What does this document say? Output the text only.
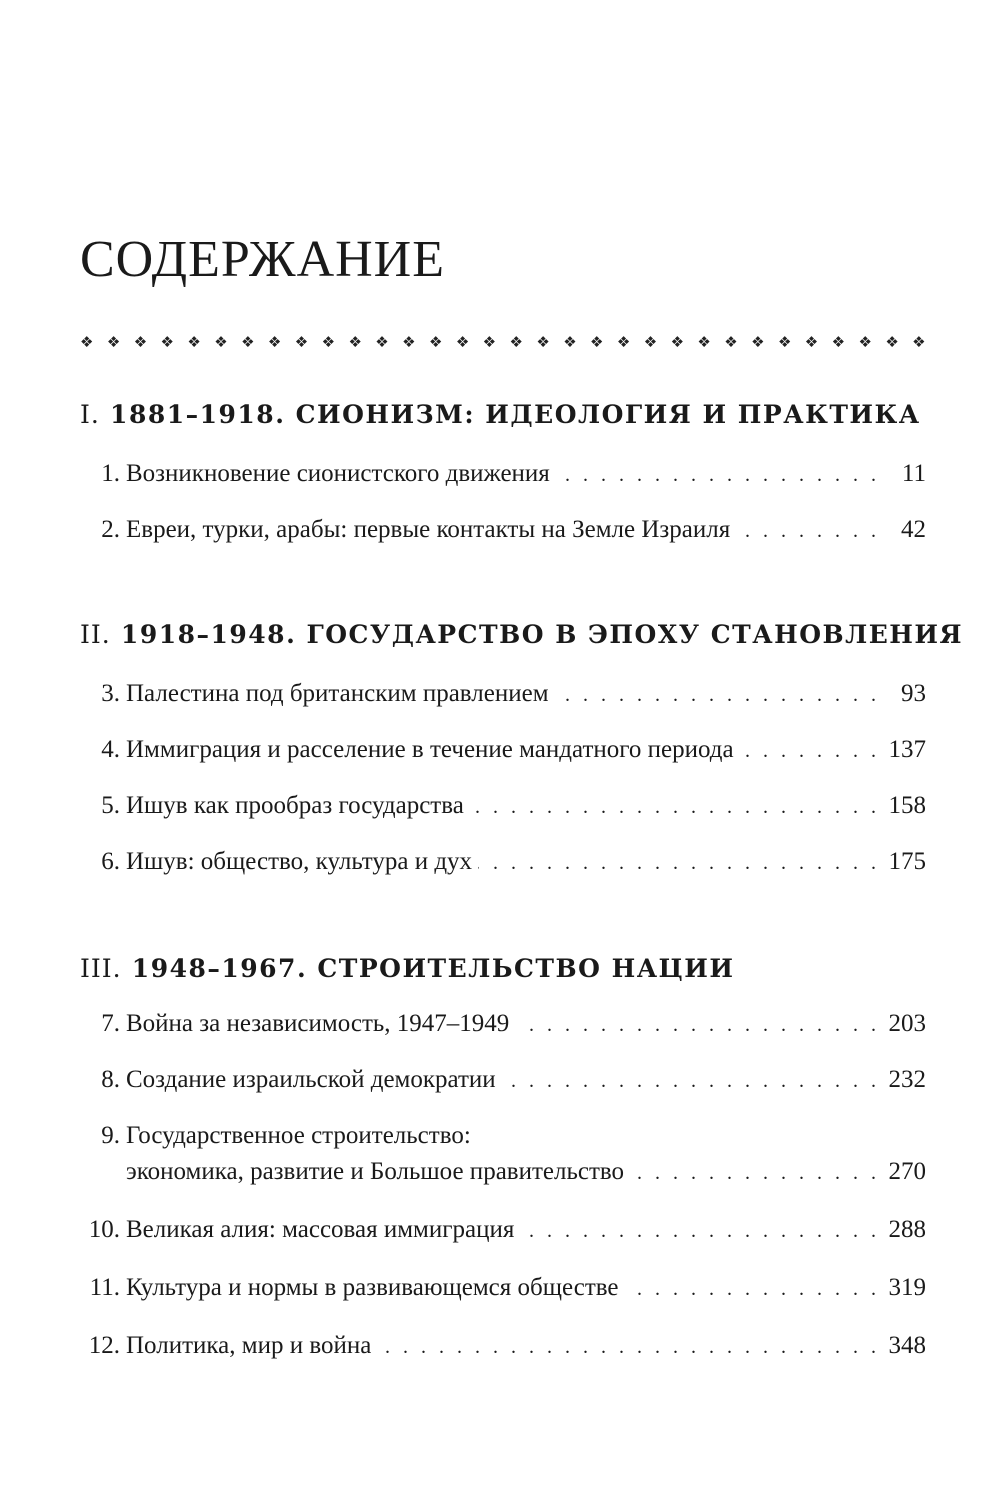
СОДЕРЖАНИЕ
❖ ❖ ❖ ❖ ❖ ❖ ❖ ❖ ❖ ❖ ❖ ❖ ❖ ❖ ❖ ❖ ❖ ❖ ❖ ❖ ❖ ❖ ❖ ❖ ❖ ❖ ❖ ❖ ❖ ❖ ❖ ❖
I. 1881–1918. СИОНИЗМ: ИДЕОЛОГИЯ И ПРАКТИКА
1. Возникновение сионистского движения . . .	11
2. Евреи, турки, арабы: первые контакты на Земле Израиля . . .	42
II. 1918–1948. ГОСУДАРСТВО В ЭПОХУ СТАНОВЛЕНИЯ
3. Палестина под британским правлением . . .	93
4. Иммиграция и расселение в течение мандатного периода . . .	137
5. Ишув как прообраз государства . . .	158
6. Ишув: общество, культура и дух . . .	175
III. 1948–1967. СТРОИТЕЛЬСТВО НАЦИИ
7. Война за независимость, 1947–1949 . . .	203
8. Создание израильской демократии . . .	232
9. Государственное строительство:
экономика, развитие и Большое правительство . . .	270
10. Великая алия: массовая иммиграция . . .	288
11. Культура и нормы в развивающемся обществе . . .	319
12. Политика, мир и война . . .	348
